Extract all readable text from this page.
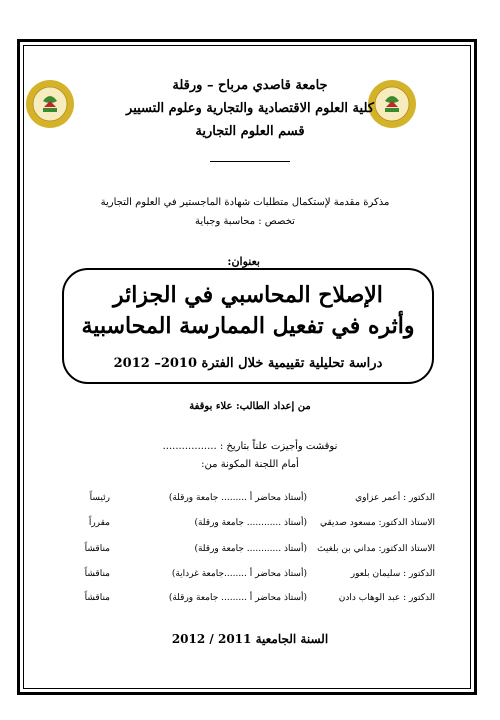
جامعة قاصدي مرباح – ورقلة
كلية العلوم الاقتصادية والتجارية وعلوم التسيير
قسم العلوم التجارية
مذكرة مقدمة لإستكمال متطلبات شهادة الماجستير في العلوم التجارية
تخصص : محاسبة وجباية
بعنوان:
الإصلاح المحاسبي في الجزائر
وأثره في تفعيل الممارسة المحاسبية
دراسة تحليلية تقييمية خلال الفترة 2010– 2012
من إعداد الطالب: علاء بوقفة
نوقشت وأجيزت علناً بتاريخ : .................
أمام اللجنة المكونة من:
الدكتور : أعمر عزاوي
(أستاذ محاضر أ ......... جامعة ورقلة)
رئيساً
الاستاذ الدكتور: مسعود صديقي
(أستاذ ............ جامعة ورقلة)
مقرراً
الاستاذ الدكتور: مداني بن بلغيث
(أستاذ ............ جامعة ورقلة)
مناقشاً
الدكتور : سليمان بلعور
(أستاذ محاضر أ ........جامعة غرداية)
مناقشاً
الدكتور : عبد الوهاب دادن
(أستاذ محاضر أ ......... جامعة ورقلة)
مناقشاً
السنة الجامعية 2011 / 2012
